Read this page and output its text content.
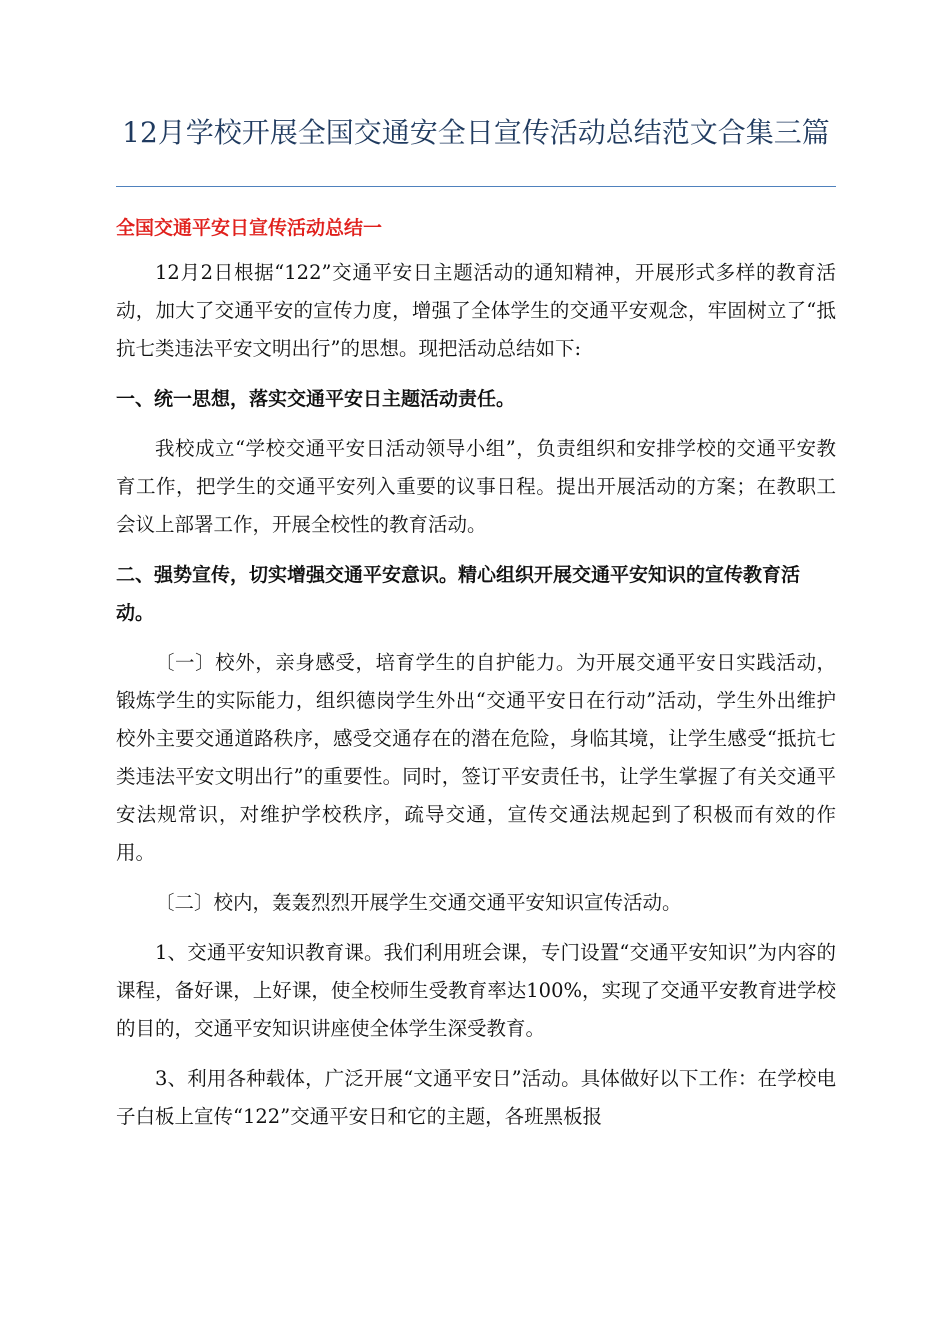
12月学校开展全国交通安全日宣传活动总结范文合集三篇

全国交通平安日宣传活动总结一

12月2日根据“122”交通平安日主题活动的通知精神，开展形式多样的教育活动，加大了交通平安的宣传力度，增强了全体学生的交通平安观念，牢固树立了“抵抗七类违法平安文明出行”的思想。现把活动总结如下:

一、统一思想，落实交通平安日主题活动责任。

我校成立“学校交通平安日活动领导小组”，负责组织和安排学校的交通平安教育工作，把学生的交通平安列入重要的议事日程。提出开展活动的方案；在教职工会议上部署工作，开展全校性的教育活动。

二、强势宣传，切实增强交通平安意识。精心组织开展交通平安知识的宣传教育活动。

〔一〕校外，亲身感受，培育学生的自护能力。为开展交通平安日实践活动，锻炼学生的实际能力，组织德岗学生外出“交通平安日在行动”活动，学生外出维护校外主要交通道路秩序，感受交通存在的潜在危险，身临其境，让学生感受“抵抗七类违法平安文明出行”的重要性。同时，签订平安责任书，让学生掌握了有关交通平安法规常识，对维护学校秩序，疏导交通，宣传交通法规起到了积极而有效的作用。

〔二〕校内，轰轰烈烈开展学生交通交通平安知识宣传活动。

1、交通平安知识教育课。我们利用班会课，专门设置“交通平安知识”为内容的课程，备好课，上好课，使全校师生受教育率达100%，实现了交通平安教育进学校的目的，交通平安知识讲座使全体学生深受教育。

3、利用各种载体，广泛开展“文通平安日”活动。具体做好以下工作：在学校电子白板上宣传“122”交通平安日和它的主题，各班黑板报
